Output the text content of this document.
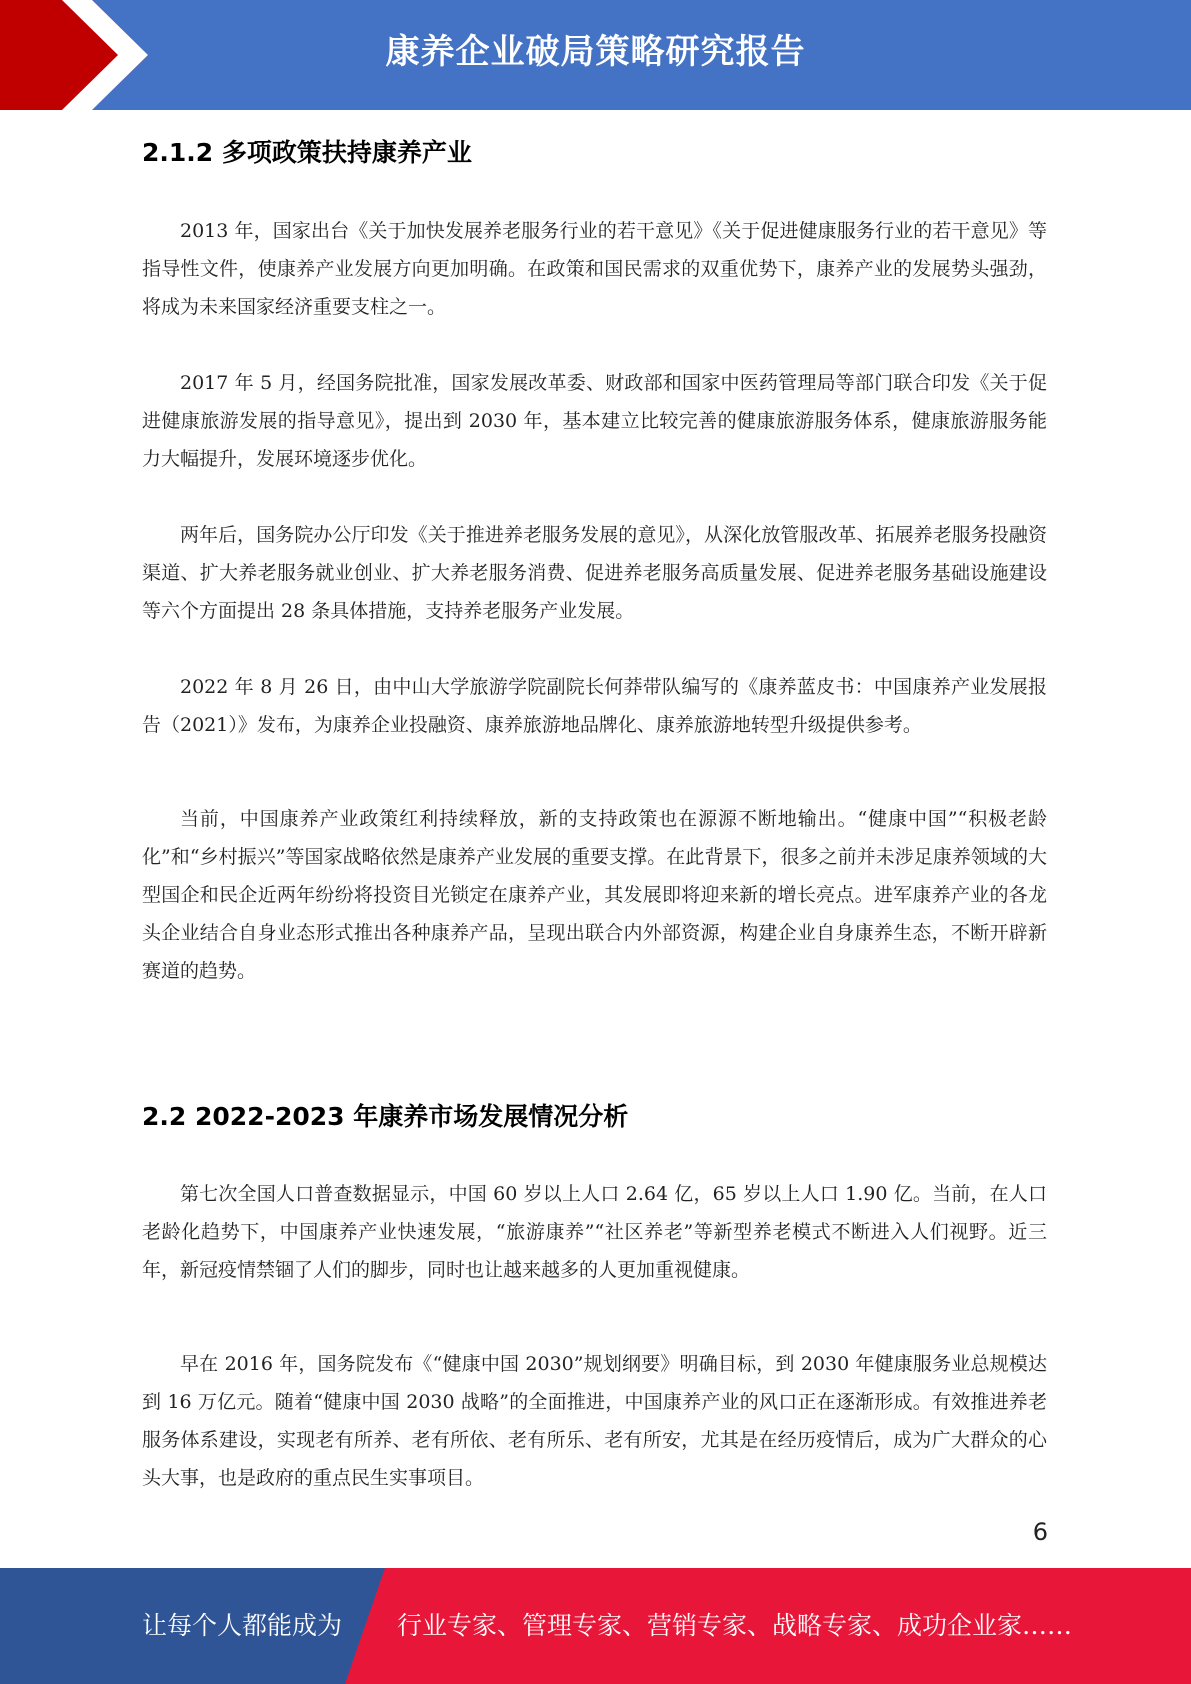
康养企业破局策略研究报告
2.1.2 多项政策扶持康养产业

2013 年，国家出台《关于加快发展养老服务行业的若干意见》《关于促进健康服务行业的若干意见》等指导性文件，使康养产业发展方向更加明确。在政策和国民需求的双重优势下，康养产业的发展势头强劲，将成为未来国家经济重要支柱之一。

2017 年 5 月，经国务院批准，国家发展改革委、财政部和国家中医药管理局等部门联合印发《关于促进健康旅游发展的指导意见》，提出到 2030 年，基本建立比较完善的健康旅游服务体系，健康旅游服务能力大幅提升，发展环境逐步优化。

两年后，国务院办公厅印发《关于推进养老服务发展的意见》，从深化放管服改革、拓展养老服务投融资渠道、扩大养老服务就业创业、扩大养老服务消费、促进养老服务高质量发展、促进养老服务基础设施建设等六个方面提出 28 条具体措施，支持养老服务产业发展。

2022 年 8 月 26 日，由中山大学旅游学院副院长何莽带队编写的《康养蓝皮书：中国康养产业发展报告（2021）》发布，为康养企业投融资、康养旅游地品牌化、康养旅游地转型升级提供参考。

当前，中国康养产业政策红利持续释放，新的支持政策也在源源不断地输出。“健康中国”“积极老龄化”和“乡村振兴”等国家战略依然是康养产业发展的重要支撑。在此背景下，很多之前并未涉足康养领域的大型国企和民企近两年纷纷将投资目光锁定在康养产业，其发展即将迎来新的增长亮点。进军康养产业的各龙头企业结合自身业态形式推出各种康养产品，呈现出联合内外部资源，构建企业自身康养生态，不断开辟新赛道的趋势。

2.2 2022-2023 年康养市场发展情况分析

第七次全国人口普查数据显示，中国 60 岁以上人口 2.64 亿，65 岁以上人口 1.90 亿。当前，在人口老龄化趋势下，中国康养产业快速发展，“旅游康养”“社区养老”等新型养老模式不断进入人们视野。近三年，新冠疫情禁锢了人们的脚步，同时也让越来越多的人更加重视健康。

早在 2016 年，国务院发布《“健康中国 2030”规划纲要》明确目标，到 2030 年健康服务业总规模达到 16 万亿元。随着“健康中国 2030 战略”的全面推进，中国康养产业的风口正在逐渐形成。有效推进养老服务体系建设，实现老有所养、老有所依、老有所乐、老有所安，尤其是在经历疫情后，成为广大群众的心头大事，也是政府的重点民生实事项目。

6
让每个人都能成为 行业专家、管理专家、营销专家、战略专家、成功企业家……
